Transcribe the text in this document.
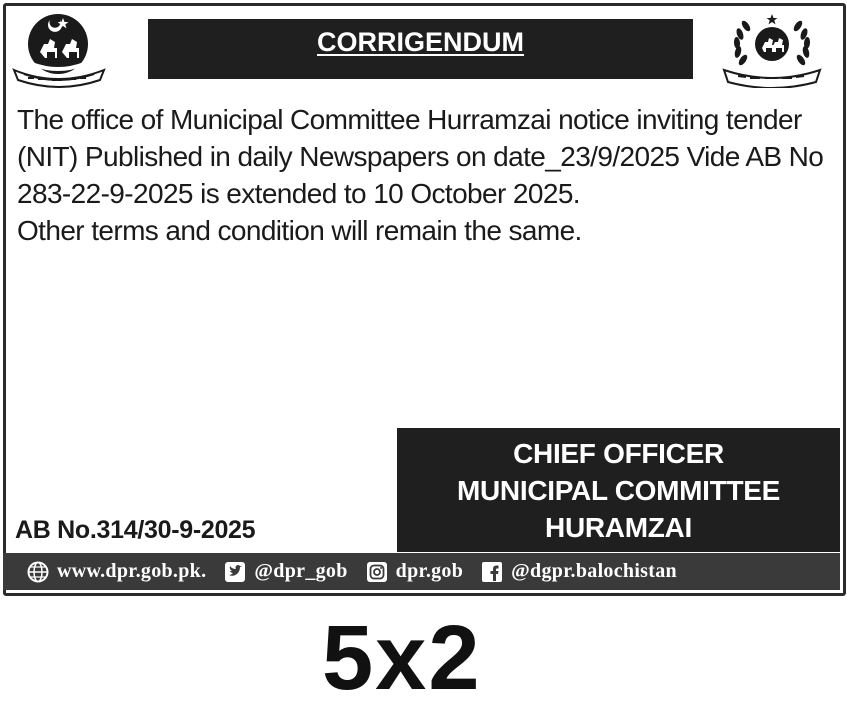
CORRIGENDUM

The office of Municipal Committee Hurramzai notice inviting tender (NIT) Published in daily Newspapers on date_23/9/2025 Vide AB No 283-22-9-2025 is extended to 10 October 2025.

Other terms and condition will remain the same.

CHIEF OFFICER
MUNICIPAL COMMITTEE
HURAMZAI
AB No.314/30-9-2025
www.dpr.gob.pk. @dpr_gob dpr.gob @dgpr.balochistan
5x2
